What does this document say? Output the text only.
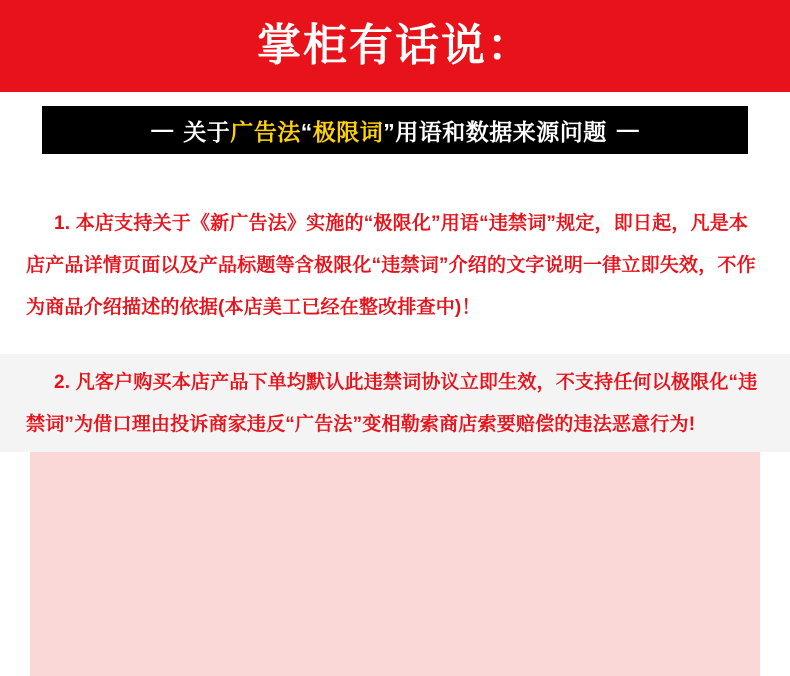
掌柜有话说：
— 关于广告法“极限词”用语和数据来源问题 —

1. 本店支持关于《新广告法》实施的“极限化”用语“违禁词”规定，即日起，凡是本店产品详情页面以及产品标题等含极限化“违禁词”介绍的文字说明一律立即失效，不作为商品介绍描述的依据(本店美工已经在整改排查中)！

2. 凡客户购买本店产品下单均默认此违禁词协议立即生效，不支持任何以极限化“违禁词”为借口理由投诉商家违反“广告法”变相勒索商店索要赔偿的违法恶意行为!
